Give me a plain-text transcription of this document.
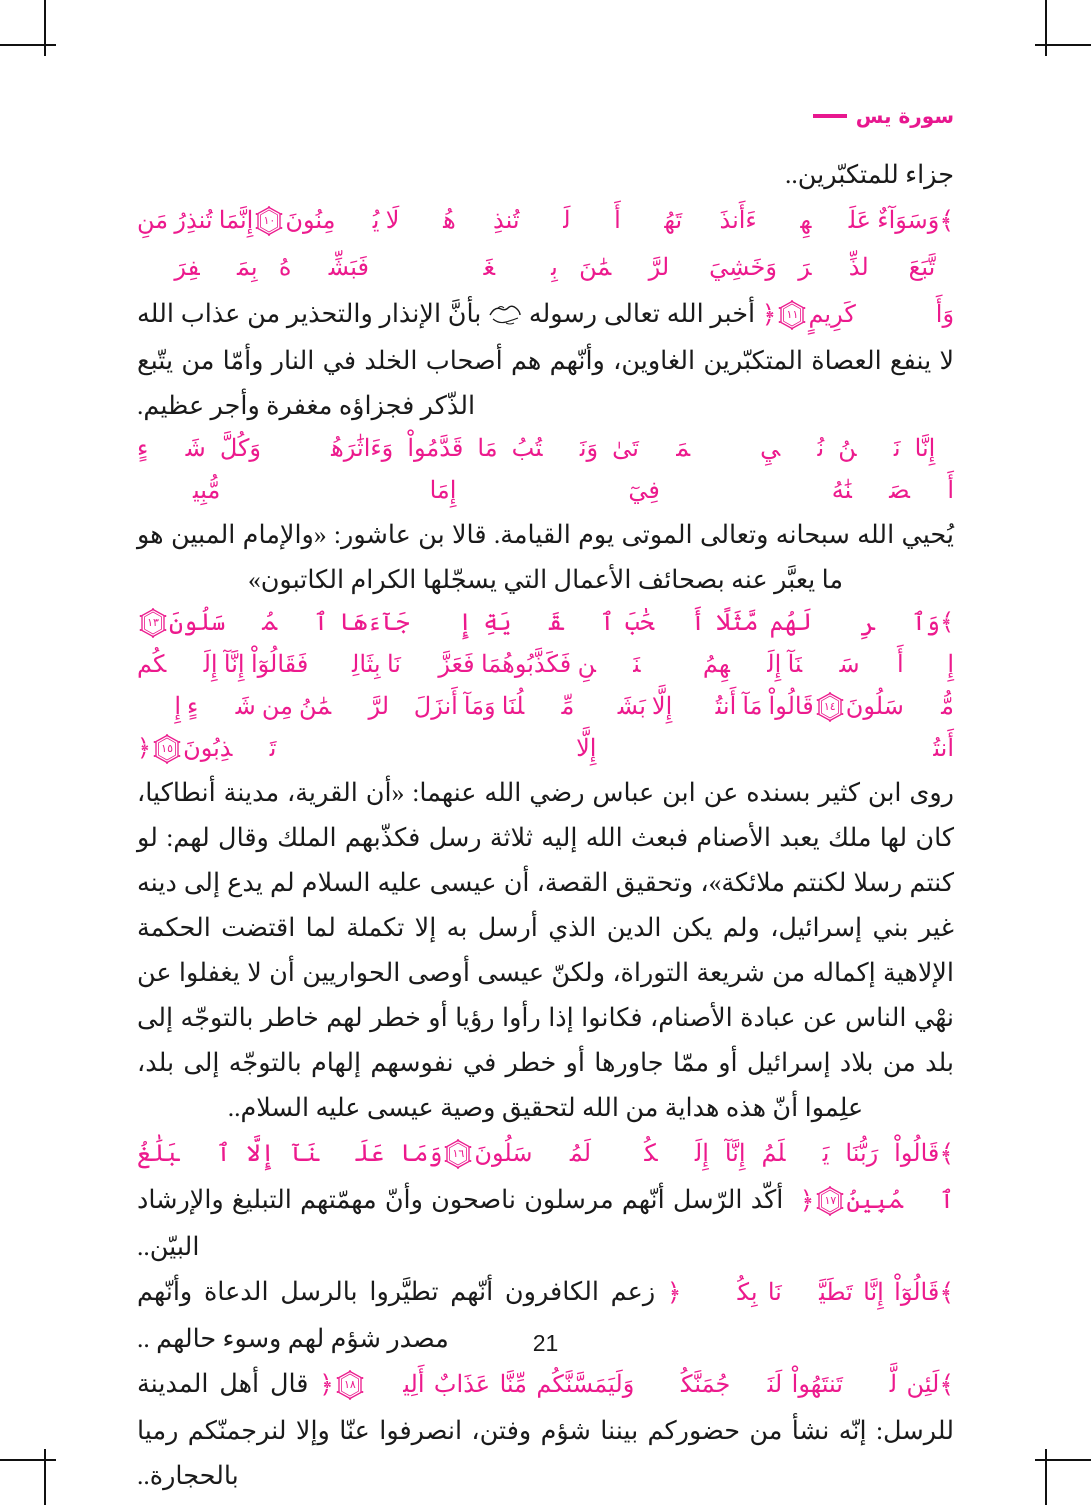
سورة يس

جزاء للمتكبّرين..

﴾وَسَوَآءٌ عَلَيۡهِمۡ ءَأَنذَرۡتَهُمۡ أَمۡ لَمۡ تُنذِرۡهُمۡ لَا يُؤۡمِنُونَ
١٠
إِنَّمَا تُنذِرُ مَنِ ٱتَّبَعَ ٱلذِّكۡرَ وَخَشِيَ ٱلرَّحۡمَٰنَ بِٱلۡغَيۡبِۖ فَبَشِّرۡهُ بِمَغۡفِرَةٖ وَأَجۡرٖ كَرِيمٍ
١١
﴿ أخبر الله تعالى رسوله
بأنَّ الإنذار والتحذير من عذاب الله لا ينفع العصاة المتكبّرين الغاوين، وأنّهم هم أصحاب الخلد في النار وأمّا من يتّبع الذّكر فجزاؤه مغفرة وأجر عظيم.

﴾إِنَّا نَحۡنُ نُحۡيِ ٱلۡمَوۡتَىٰ وَنَكۡتُبُ مَا قَدَّمُواْ وَءَاثَٰرَهُمۡۚ وَكُلَّ شَيۡءٍ أَحۡصَيۡنَٰهُ فِيٓ إِمَامٖ مُّبِينٖ﴿

يُحيي الله سبحانه وتعالى الموتى يوم القيامة. قالا بن عاشور: «والإمام المبين هو ما يعبَّر عنه بصحائف الأعمال التي يسجّلها الكرام الكاتبون»

﴾وَٱضۡرِبۡ لَهُم مَّثَلًا أَصۡحَٰبَ ٱلۡقَرۡيَةِ إِذۡ جَآءَهَا ٱلۡمُرۡسَلُونَ
١٣
إِذۡ أَرۡسَلۡنَآ إِلَيۡهِمُ ٱثۡنَيۡنِ فَكَذَّبُوهُمَا فَعَزَّزۡنَا بِثَالِثٖ فَقَالُوٓاْ إِنَّآ إِلَيۡكُم مُّرۡسَلُونَ
١٤
قَالُواْ مَآ أَنتُمۡ إِلَّا بَشَرٞ مِّثۡلُنَا وَمَآ أَنزَلَ ٱلرَّحۡمَٰنُ مِن شَيۡءٍ إِنۡ أَنتُمۡ إِلَّا تَكۡذِبُونَ
١٥
﴿

روى ابن كثير بسنده عن ابن عباس رضي الله عنهما: «أن القرية، مدينة أنطاكيا، كان لها ملك يعبد الأصنام فبعث الله إليه ثلاثة رسل فكذّبهم الملك وقال لهم: لو كنتم رسلا لكنتم ملائكة»، وتحقيق القصة، أن عيسى عليه السلام لم يدع إلى دينه غير بني إسرائيل، ولم يكن الدين الذي أرسل به إلا تكملة لما اقتضت الحكمة الإلاهية إكماله من شريعة التوراة، ولكنّ عيسى أوصى الحواريين أن لا يغفلوا عن نهْي الناس عن عبادة الأصنام، فكانوا إذا رأوا رؤيا أو خطر لهم خاطر بالتوجّه إلى بلد من بلاد إسرائيل أو ممّا جاورها أو خطر في نفوسهم إلهام بالتوجّه إلى بلد، علِموا أنّ هذه هداية من الله لتحقيق وصية عيسى عليه السلام..

﴾قَالُواْ رَبُّنَا يَعۡلَمُ إِنَّآ إِلَيۡكُمۡ لَمُرۡسَلُونَ
١٦
وَمَا عَلَيۡنَآ إِلَّا ٱلۡبَلَٰغُ ٱلۡمُبِينُ
١٧
﴿  أكّد الرّسل أنّهم مرسلون ناصحون وأنّ مهمّتهم التبليغ والإرشاد البيّن..

﴾قَالُوٓاْ إِنَّا تَطَيَّرۡنَا بِكُمۡۖ﴿ زعم الكافرون أنّهم تطيَّروا بالرسل الدعاة وأنّهم مصدر شؤم لهم وسوء حالهم ..

﴾لَئِن لَّمۡ تَنتَهُواْ لَنَرۡجُمَنَّكُمۡ وَلَيَمَسَّنَّكُم مِّنَّا عَذَابٌ أَلِيمٞ
١٨
﴿ قال أهل المدينة للرسل: إنّه نشأ من حضوركم بيننا شؤم وفتن، انصرفوا عنّا وإلا لنرجمنّكم رميا بالحجارة..

21
